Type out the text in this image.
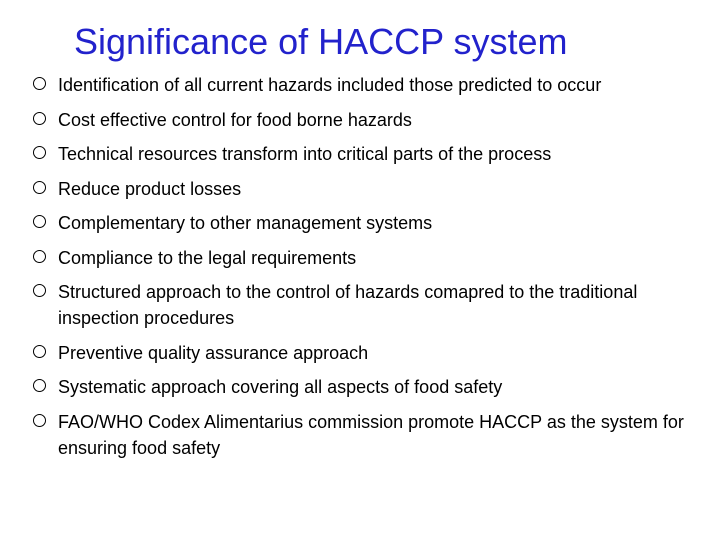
Significance of HACCP system
Identification of all current hazards included those predicted to occur
Cost effective control for food borne hazards
Technical resources transform into critical parts of the process
Reduce product losses
Complementary to other management systems
Compliance to the legal requirements
Structured approach to the control of hazards comapred to the traditional inspection procedures
Preventive quality assurance approach
Systematic approach covering all aspects of food safety
FAO/WHO Codex Alimentarius commission promote HACCP as the system for ensuring food safety
